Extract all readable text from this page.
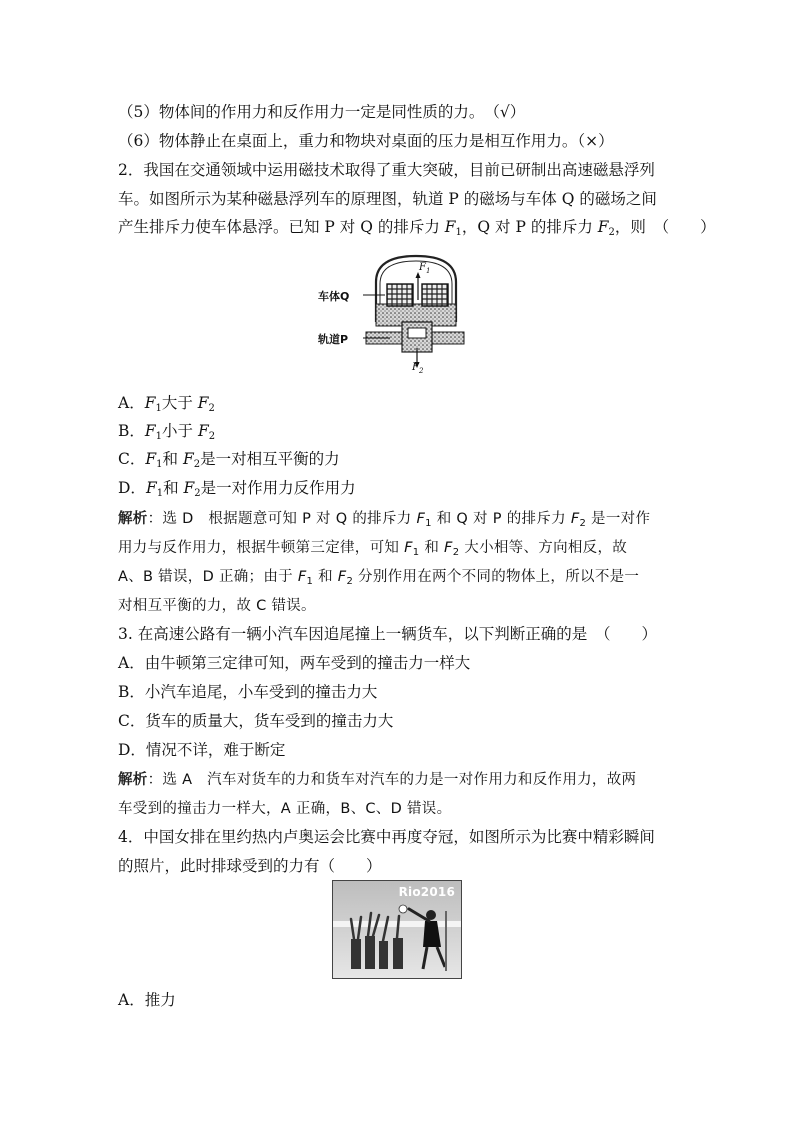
（5）物体间的作用力和反作用力一定是同性质的力。　（√）
（6）物体静止在桌面上，重力和物块对桌面的压力是相互作用力。（×）
2．我国在交通领域中运用磁技术取得了重大突破，目前已研制出高速磁悬浮列
车。如图所示为某种磁悬浮列车的原理图，轨道 P 的磁场与车体 Q 的磁场之间
产生排斥力使车体悬浮。已知 P 对 Q 的排斥力 $F_1$，Q 对 P 的排斥力 $F_2$，则　（　　）
车体Q
轨道P
$F_1$
$F_2$
A．$F_1$大于 $F_2$
B．$F_1$小于 $F_2$
C．$F_1$和 $F_2$是一对相互平衡的力
D．$F_1$和 $F_2$是一对作用力反作用力
解析：选 D　根据题意可知 P 对 Q 的排斥力 $F_1$ 和 Q 对 P 的排斥力 $F_2$ 是一对作
用力与反作用力，根据牛顿第三定律，可知 $F_1$ 和 $F_2$ 大小相等、方向相反，故
A、B 错误，D 正确；由于 $F_1$ 和 $F_2$ 分别作用在两个不同的物体上，所以不是一
对相互平衡的力，故 C 错误。
3. 在高速公路有一辆小汽车因追尾撞上一辆货车，以下判断正确的是　（　　）
A．由牛顿第三定律可知，两车受到的撞击力一样大
B．小汽车追尾，小车受到的撞击力大
C．货车的质量大，货车受到的撞击力大
D．情况不详，难于断定
解析：选 A　汽车对货车的力和货车对汽车的力是一对作用力和反作用力，故两
车受到的撞击力一样大，A 正确，B、C、D 错误。
4．中国女排在里约热内卢奥运会比赛中再度夺冠，如图所示为比赛中精彩瞬间
的照片，此时排球受到的力有（　　）
Rio2016
A．推力
